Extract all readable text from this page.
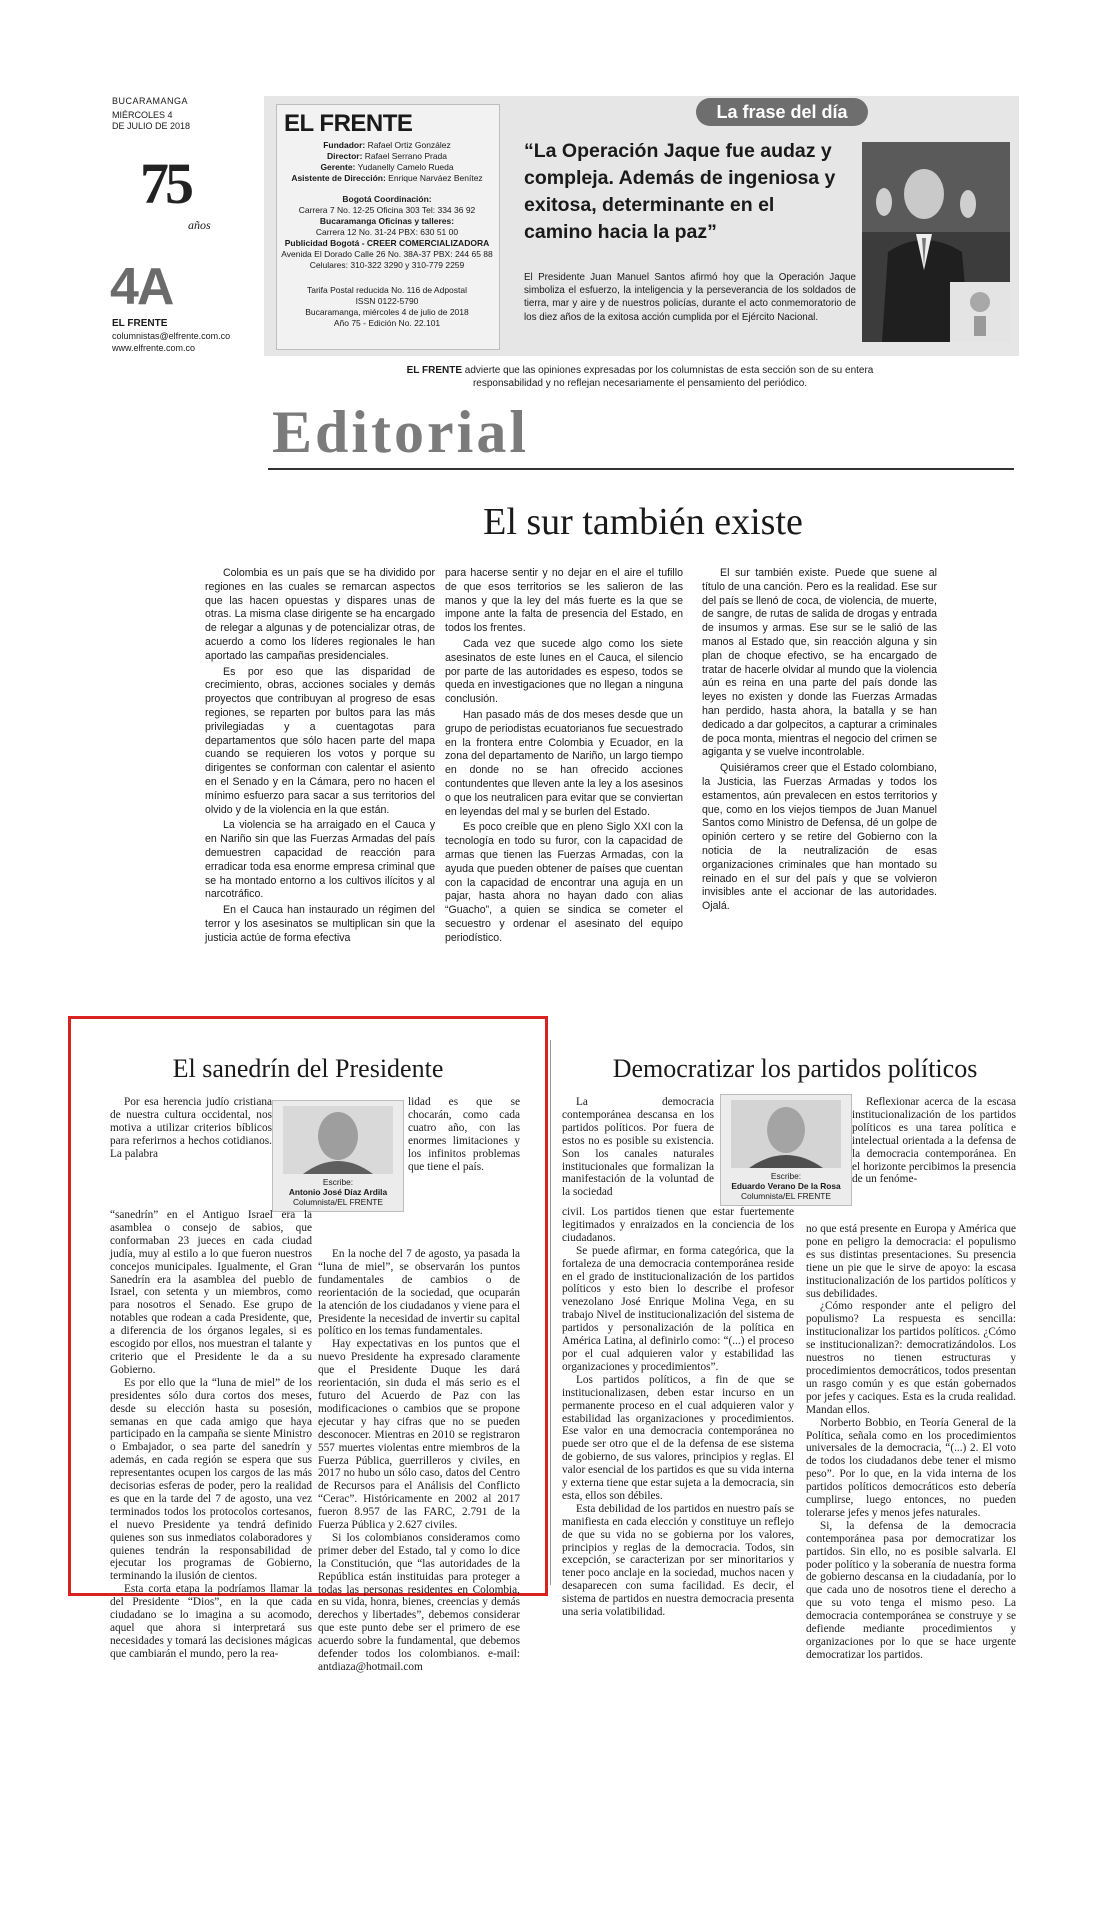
BUCARAMANGA
MIÉRCOLES 4
DE JULIO DE 2018
75
años
4A
EL FRENTE
columnistas@elfrente.com.co
www.elfrente.com.co
EL FRENTE
Fundador: Rafael Ortiz González
Director: Rafael Serrano Prada
Gerente: Yudanelly Camelo Rueda
Asistente de Dirección: Enrique Narváez Benítez
Bogotá Coordinación:
Carrera 7 No. 12-25 Oficina 303 Tel: 334 36 92
Bucaramanga Oficinas y talleres:
Carrera 12 No. 31-24 PBX: 630 51 00
Publicidad Bogotá - CREER COMERCIALIZADORA
Avenida El Dorado Calle 26 No. 38A-37 PBX: 244 65 88
Celulares: 310-322 3290 y 310-779 2259
Tarifa Postal reducida No. 116 de Adpostal
ISSN 0122-5790
Bucaramanga, miércoles 4 de julio de 2018
Año 75 - Edición No. 22.101
La frase del día
“La Operación Jaque fue audaz y compleja. Además de ingeniosa y exitosa, determinante en el camino hacia la paz”
El Presidente Juan Manuel Santos afirmó hoy que la Operación Jaque simboliza el esfuerzo, la inteligencia y la perseverancia de los soldados de tierra, mar y aire y de nuestros policías, durante el acto conmemoratorio de los diez años de la exitosa acción cumplida por el Ejército Nacional.
EL FRENTE advierte que las opiniones expresadas por los columnistas de esta sección son de su entera responsabilidad y no reflejan necesariamente el pensamiento del periódico.
Editorial
El sur también existe

Colombia es un país que se ha dividido por regiones en las cuales se remarcan aspectos que las hacen opuestas y dispares unas de otras. La misma clase dirigente se ha encargado de relegar a algunas y de potencializar otras, de acuerdo a como los líderes regionales le han aportado las campañas presidenciales.

Es por eso que las disparidad de crecimiento, obras, acciones sociales y demás proyectos que contribuyan al progreso de esas regiones, se reparten por bultos para las más privilegiadas y a cuentagotas para departamentos que sólo hacen parte del mapa cuando se requieren los votos y porque su dirigentes se conforman con calentar el asiento en el Senado y en la Cámara, pero no hacen el mínimo esfuerzo para sacar a sus territorios del olvido y de la violencia en la que están.

La violencia se ha arraigado en el Cauca y en Nariño sin que las Fuerzas Armadas del país demuestren capacidad de reacción para erradicar toda esa enorme empresa criminal que se ha montado entorno a los cultivos ilícitos y al narcotráfico.

En el Cauca han instaurado un régimen del terror y los asesinatos se multiplican sin que la justicia actúe de forma efectiva

para hacerse sentir y no dejar en el aire el tufillo de que esos territorios se les salieron de las manos y que la ley del más fuerte es la que se impone ante la falta de presencia del Estado, en todos los frentes.

Cada vez que sucede algo como los siete asesinatos de este lunes en el Cauca, el silencio por parte de las autoridades es espeso, todos se queda en investigaciones que no llegan a ninguna conclusión.

Han pasado más de dos meses desde que un grupo de periodistas ecuatorianos fue secuestrado en la frontera entre Colombia y Ecuador, en la zona del departamento de Nariño, un largo tiempo en donde no se han ofrecido acciones contundentes que lleven ante la ley a los asesinos o que los neutralicen para evitar que se conviertan en leyendas del mal y se burlen del Estado.

Es poco creíble que en pleno Siglo XXI con la tecnología en todo su furor, con la capacidad de armas que tienen las Fuerzas Armadas, con la ayuda que pueden obtener de países que cuentan con la capacidad de encontrar una aguja en un pajar, hasta ahora no hayan dado con alias “Guacho”, a quien se sindica se cometer el secuestro y ordenar el asesinato del equipo periodístico.

El sur también existe. Puede que suene al título de una canción. Pero es la realidad. Ese sur del país se llenó de coca, de violencia, de muerte, de sangre, de rutas de salida de drogas y entrada de insumos y armas. Ese sur se le salió de las manos al Estado que, sin reacción alguna y sin plan de choque efectivo, se ha encargado de tratar de hacerle olvidar al mundo que la violencia aún es reina en una parte del país donde las leyes no existen y donde las Fuerzas Armadas han perdido, hasta ahora, la batalla y se han dedicado a dar golpecitos, a capturar a criminales de poca monta, mientras el negocio del crimen se agiganta y se vuelve incontrolable.

Quisiéramos creer que el Estado colombiano, la Justicia, las Fuerzas Armadas y todos los estamentos, aún prevalecen en estos territorios y que, como en los viejos tiempos de Juan Manuel Santos como Ministro de Defensa, dé un golpe de opinión certero y se retire del Gobierno con la noticia de la neutralización de esas organizaciones criminales que han montado su reinado en el sur del país y que se volvieron invisibles ante el accionar de las autoridades. Ojalá.

El sanedrín del Presidente

Por esa herencia judío cristiana de nuestra cultura occidental, nos motiva a utilizar criterios bíblicos para referirnos a hechos cotidianos. La palabra

Escribe:
Antonio José Díaz Ardila
Columnista/EL FRENTE

“sanedrín” en el Antiguo Israel era la asamblea o consejo de sabios, que conformaban 23 jueces en cada ciudad judía, muy al estilo a lo que fueron nuestros concejos municipales. Igualmente, el Gran Sanedrín era la asamblea del pueblo de Israel, con setenta y un miembros, como para nosotros el Senado. Ese grupo de notables que rodean a cada Presidente, que, a diferencia de los órganos legales, si es escogido por ellos, nos muestran el talante y criterio que el Presidente le da a su Gobierno.

Es por ello que la “luna de miel” de los presidentes sólo dura cortos dos meses, desde su elección hasta su posesión, semanas en que cada amigo que haya participado en la campaña se siente Ministro o Embajador, o sea parte del sanedrín y además, en cada región se espera que sus representantes ocupen los cargos de las más decisorias esferas de poder, pero la realidad es que en la tarde del 7 de agosto, una vez terminados todos los protocolos cortesanos, el nuevo Presidente ya tendrá definido quienes son sus inmediatos colaboradores y quienes tendrán la responsabilidad de ejecutar los programas de Gobierno, terminando la ilusión de cientos.

Esta corta etapa la podríamos llamar la del Presidente “Dios”, en la que cada ciudadano se lo imagina a su acomodo, aquel que ahora si interpretará sus necesidades y tomará las decisiones mágicas que cambiarán el mundo, pero la rea-

lidad es que se chocarán, como cada cuatro año, con las enormes limitaciones y los infinitos problemas que tiene el país.

En la noche del 7 de agosto, ya pasada la “luna de miel”, se observarán los puntos fundamentales de cambios o de reorientación de la sociedad, que ocuparán la atención de los ciudadanos y viene para el Presidente la necesidad de invertir su capital político en los temas fundamentales.

Hay expectativas en los puntos que el nuevo Presidente ha expresado claramente que el Presidente Duque les dará reorientación, sin duda el más serio es el futuro del Acuerdo de Paz con las modificaciones o cambios que se propone ejecutar y hay cifras que no se pueden desconocer. Mientras en 2010 se registraron 557 muertes violentas entre miembros de la Fuerza Pública, guerrilleros y civiles, en 2017 no hubo un sólo caso, datos del Centro de Recursos para el Análisis del Conflicto “Cerac”. Históricamente en 2002 al 2017 fueron 8.957 de las FARC, 2.791 de la Fuerza Pública y 2.627 civiles.

Si los colombianos consideramos como primer deber del Estado, tal y como lo dice la Constitución, que “las autoridades de la República están instituidas para proteger a todas las personas residentes en Colombia, en su vida, honra, bienes, creencias y demás derechos y libertades”, debemos considerar que este punto debe ser el primero de ese acuerdo sobre la fundamental, que debemos defender todos los colombianos. e-mail: antdiaza@hotmail.com

Democratizar los partidos políticos

La democracia contemporánea descansa en los partidos políticos. Por fuera de estos no es posible su existencia. Son los canales naturales institucionales que formalizan la manifestación de la voluntad de la sociedad

Escribe:
Eduardo Verano De la Rosa
Columnista/EL FRENTE

civil. Los partidos tienen que estar fuertemente legitimados y enraizados en la conciencia de los ciudadanos.

Se puede afirmar, en forma categórica, que la fortaleza de una democracia contemporánea reside en el grado de institucionalización de los partidos políticos y esto bien lo describe el profesor venezolano José Enrique Molina Vega, en su trabajo Nivel de institucionalización del sistema de partidos y personalización de la política en América Latina, al definirlo como: “(...) el proceso por el cual adquieren valor y estabilidad las organizaciones y procedimientos”.

Los partidos políticos, a fin de que se institucionalizasen, deben estar incurso en un permanente proceso en el cual adquieren valor y estabilidad las organizaciones y procedimientos. Ese valor en una democracia contemporánea no puede ser otro que el de la defensa de ese sistema de gobierno, de sus valores, principios y reglas. El valor esencial de los partidos es que su vida interna y externa tiene que estar sujeta a la democracia, sin esta, ellos son débiles.

Esta debilidad de los partidos en nuestro país se manifiesta en cada elección y constituye un reflejo de que su vida no se gobierna por los valores, principios y reglas de la democracia. Todos, sin excepción, se caracterizan por ser minoritarios y tener poco anclaje en la sociedad, muchos nacen y desaparecen con suma facilidad. Es decir, el sistema de partidos en nuestra democracia presenta una seria volatibilidad.

Reflexionar acerca de la escasa institucionalización de los partidos políticos es una tarea política e intelectual orientada a la defensa de la democracia contemporánea. En el horizonte percibimos la presencia de un fenóme-

no que está presente en Europa y América que pone en peligro la democracia: el populismo es sus distintas presentaciones. Su presencia tiene un pie que le sirve de apoyo: la escasa institucionalización de los partidos políticos y sus debilidades.

¿Cómo responder ante el peligro del populismo? La respuesta es sencilla: institucionalizar los partidos políticos. ¿Cómo se institucionalizan?: democratizándolos. Los nuestros no tienen estructuras y procedimientos democráticos, todos presentan un rasgo común y es que están gobernados por jefes y caciques. Esta es la cruda realidad. Mandan ellos.

Norberto Bobbio, en Teoría General de la Política, señala como en los procedimientos universales de la democracia, “(...) 2. El voto de todos los ciudadanos debe tener el mismo peso”. Por lo que, en la vida interna de los partidos políticos democráticos esto debería cumplirse, luego entonces, no pueden tolerarse jefes y menos jefes naturales.

Si, la defensa de la democracia contemporánea pasa por democratizar los partidos. Sin ello, no es posible salvarla. El poder político y la soberanía de nuestra forma de gobierno descansa en la ciudadanía, por lo que cada uno de nosotros tiene el derecho a que su voto tenga el mismo peso. La democracia contemporánea se construye y se defiende mediante procedimientos y organizaciones por lo que se hace urgente democratizar los partidos.
